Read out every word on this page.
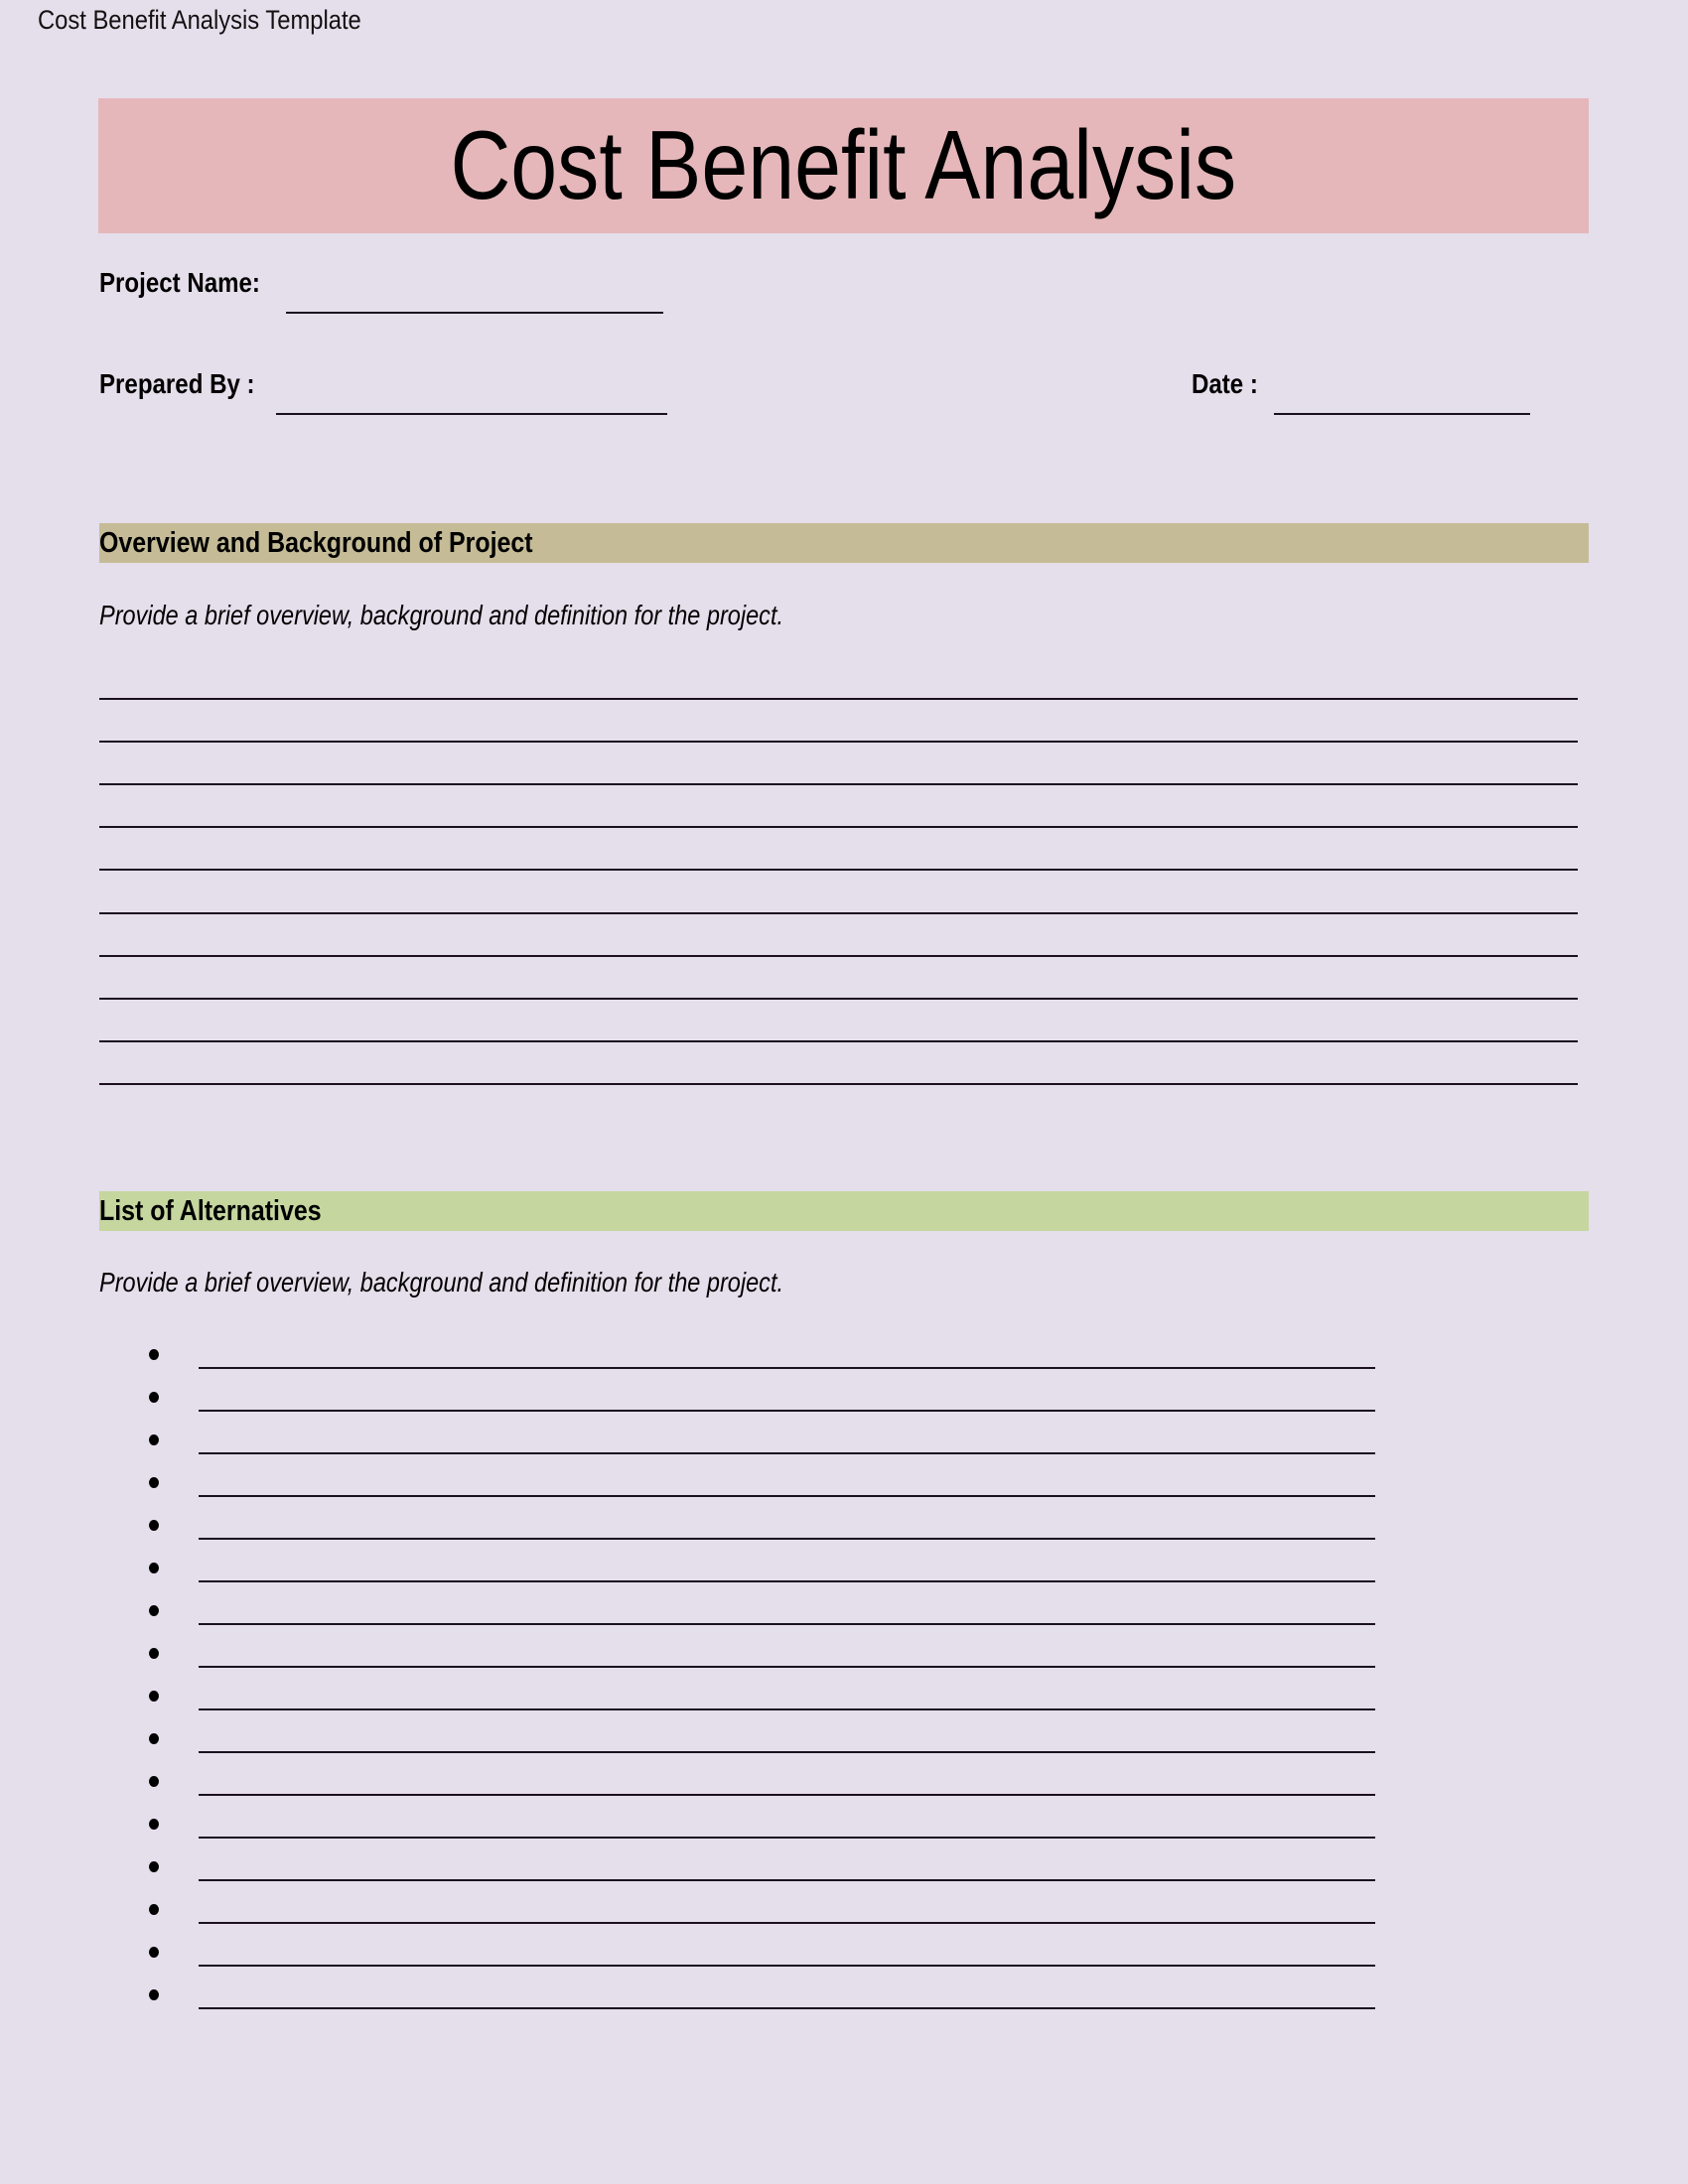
Cost Benefit Analysis Template
Cost Benefit Analysis
Project Name:
Prepared By :	Date :
Overview and Background of Project
Provide a brief overview, background and definition for the project.
List of Alternatives
Provide a brief overview, background and definition for the project.
